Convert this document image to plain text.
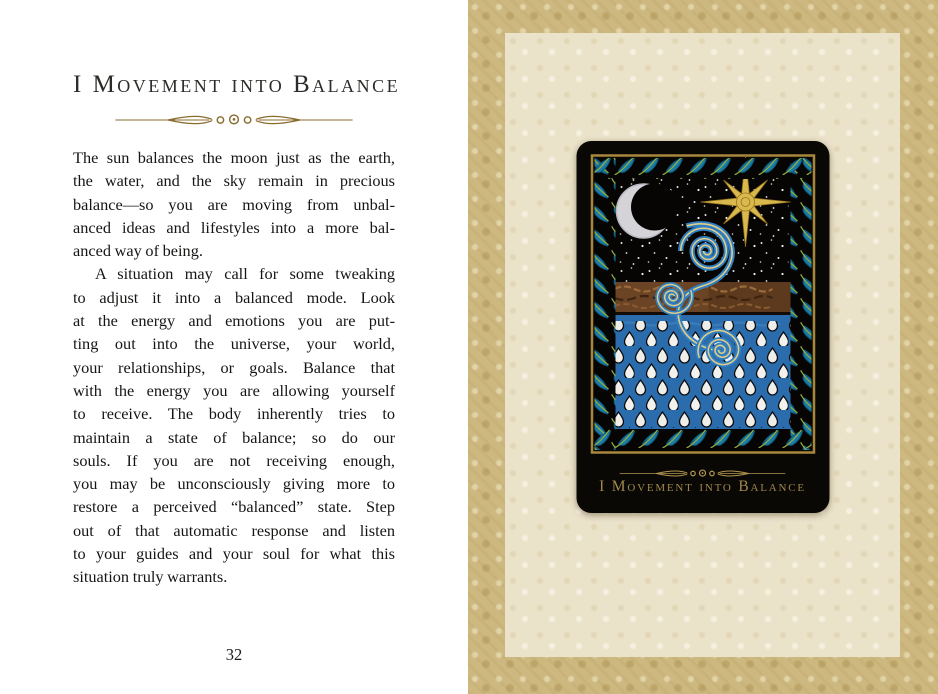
I Movement into Balance
The sun balances the moon just as the earth,
the water, and the sky remain in precious
balance—so you are moving from unbal-
anced ideas and lifestyles into a more bal-
anced way of being.
A situation may call for some tweaking
to adjust it into a balanced mode. Look
at the energy and emotions you are put-
ting out into the universe, your world,
your relationships, or goals. Balance that
with the energy you are allowing yourself
to receive. The body inherently tries to
maintain a state of balance; so do our
souls. If you are not receiving enough,
you may be unconsciously giving more to
restore a perceived “balanced” state. Step
out of that automatic response and listen
to your guides and your soul for what this
situation truly warrants.
32
I Movement into Balance
